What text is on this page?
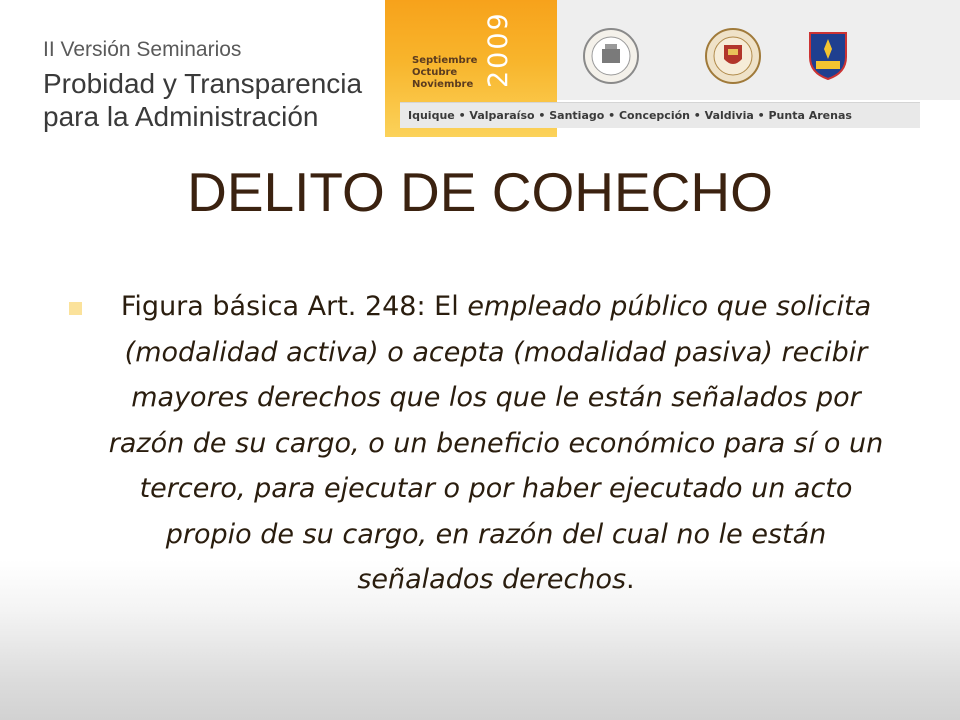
II Versión Seminarios
Probidad y Transparencia
para la Administración
Septiembre
Octubre
Noviembre 2009
Iquique • Valparaíso • Santiago • Concepción • Valdivia • Punta Arenas
DELITO DE COHECHO
Figura básica Art. 248: El empleado público que solicita (modalidad activa) o acepta (modalidad pasiva) recibir mayores derechos que los que le están señalados por razón de su cargo, o un beneficio económico para sí o un tercero, para ejecutar o por haber ejecutado un acto propio de su cargo, en razón del cual no le están señalados derechos.
